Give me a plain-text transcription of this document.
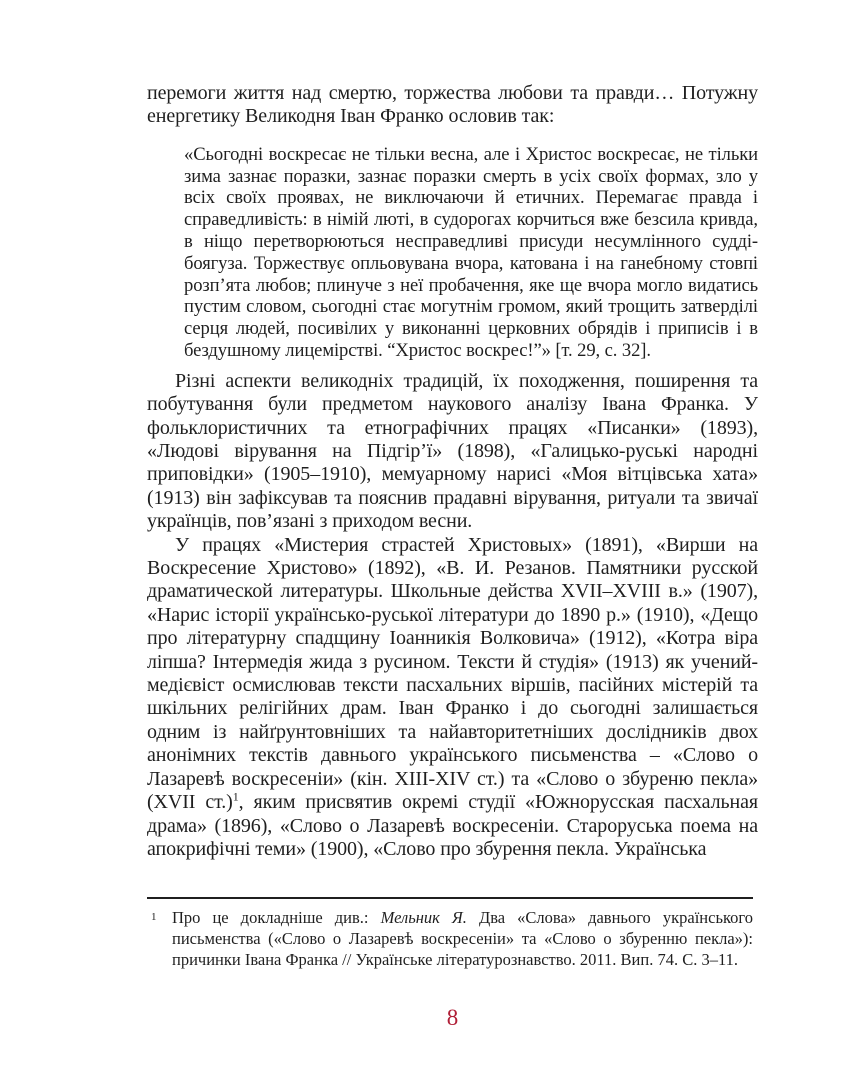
перемоги життя над смертю, торжества любови та правди… Потужну енергетику Великодня Іван Франко ословив так:

«Сьогодні воскресає не тільки весна, але і Христос воскресає, не тільки зима зазнає поразки, зазнає поразки смерть в усіх своїх формах, зло у всіх своїх проявах, не виключаючи й етичних. Перемагає правда і справедливість: в німій люті, в судорогах корчиться вже безсила кривда, в ніщо перетворюються несправедливі присуди несумлінного судді-боягуза. Торжествує опльовувана вчора, катована і на ганебному стовпі розп’ята любов; плинуче з неї пробачення, яке ще вчора могло видатись пустим словом, сьогодні стає могутнім громом, який трощить затверділі серця людей, посивілих у виконанні церковних обрядів і приписів і в бездушному лицемірстві. “Христос воскрес!”» [т. 29, с. 32].

Різні аспекти великодніх традицій, їх походження, поширення та побутування були предметом наукового аналізу Івана Франка. У фольклористичних та етнографічних працях «Писанки» (1893), «Людові вірування на Підгір’ї» (1898), «Галицько-руські народні приповідки» (1905–1910), мемуарному нарисі «Моя вітцівська хата» (1913) він зафіксував та пояснив прадавні вірування, ритуали та звичаї українців, пов’язані з приходом весни.

У працях «Мистерия страстей Христовых» (1891), «Вирши на Воскресение Христово» (1892), «В. И. Резанов. Памятники русской драматической литературы. Школьные действа XVII–XVIII в.» (1907), «Нарис історії українсько-руської літератури до 1890 р.» (1910), «Дещо про літературну спадщину Іоанникія Волковича» (1912), «Котра віра ліпша? Інтермедія жида з русином. Тексти й студія» (1913) як учений-медієвіст осмислював тексти пасхальних віршів, пасійних містерій та шкільних релігійних драм. Іван Франко і до сьогодні залишається одним із найґрунтовніших та найавторитетніших дослідників двох анонімних текстів давнього українського письменства – «Слово о Лазаревѣ воскресеніи» (кін. XIII-XIV ст.) та «Слово о збуреню пекла» (XVII ст.)$^1$, яким присвятив окремі студії «Южнорусская пасхальная драма» (1896), «Слово о Лазаревѣ воскресеніи. Староруська поема на апокрифічні теми» (1900), «Слово про збурення пекла. Українська

1 Про це докладніше див.: Мельник Я. Два «Слова» давнього українського письменства («Слово о Лазаревѣ воскресеніи» та «Слово о збуренню пекла»): причинки Івана Франка // Українське літературознавство. 2011. Вип. 74. С. 3–11.

8
